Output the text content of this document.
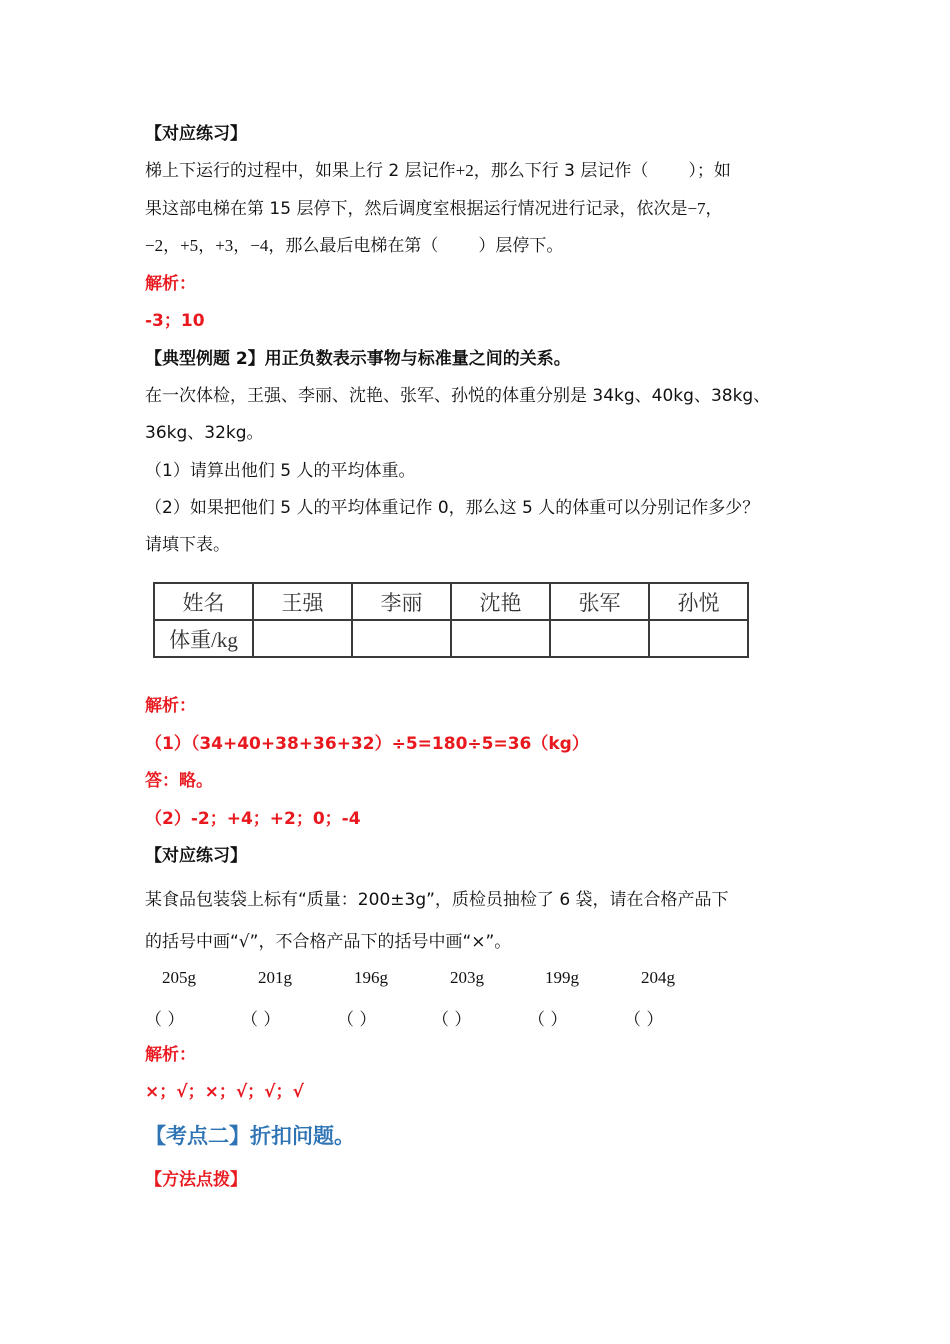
【对应练习】
梯上下运行的过程中，如果上行 2 层记作+2，那么下行 3 层记作（ ）；如
果这部电梯在第 15 层停下，然后调度室根据运行情况进行记录，依次是−7，
−2，+5，+3，−4，那么最后电梯在第（ ）层停下。
解析：
-3；10
【典型例题 2】用正负数表示事物与标准量之间的关系。
在一次体检，王强、李丽、沈艳、张军、孙悦的体重分别是 34kg、40kg、38kg、
36kg、32kg。
（1）请算出他们 5 人的平均体重。
（2）如果把他们 5 人的平均体重记作 0，那么这 5 人的体重可以分别记作多少？
请填下表。
姓名	王强	李丽	沈艳	张军	孙悦
体重/kg					
解析：
（1）（34+40+38+36+32）÷5=180÷5=36（kg）
答：略。
（2）-2；+4；+2；0；-4
【对应练习】
某食品包装袋上标有“质量：200±3g”，质检员抽检了 6 袋，请在合格产品下
的括号中画“√”，不合格产品下的括号中画“×”。
205g	201g	196g	203g	199g	204g
（ ）	（ ）	（ ）	（ ）	（ ）	（ ）
解析：
×；√；×；√；√；√
【考点二】折扣问题。
【方法点拨】
